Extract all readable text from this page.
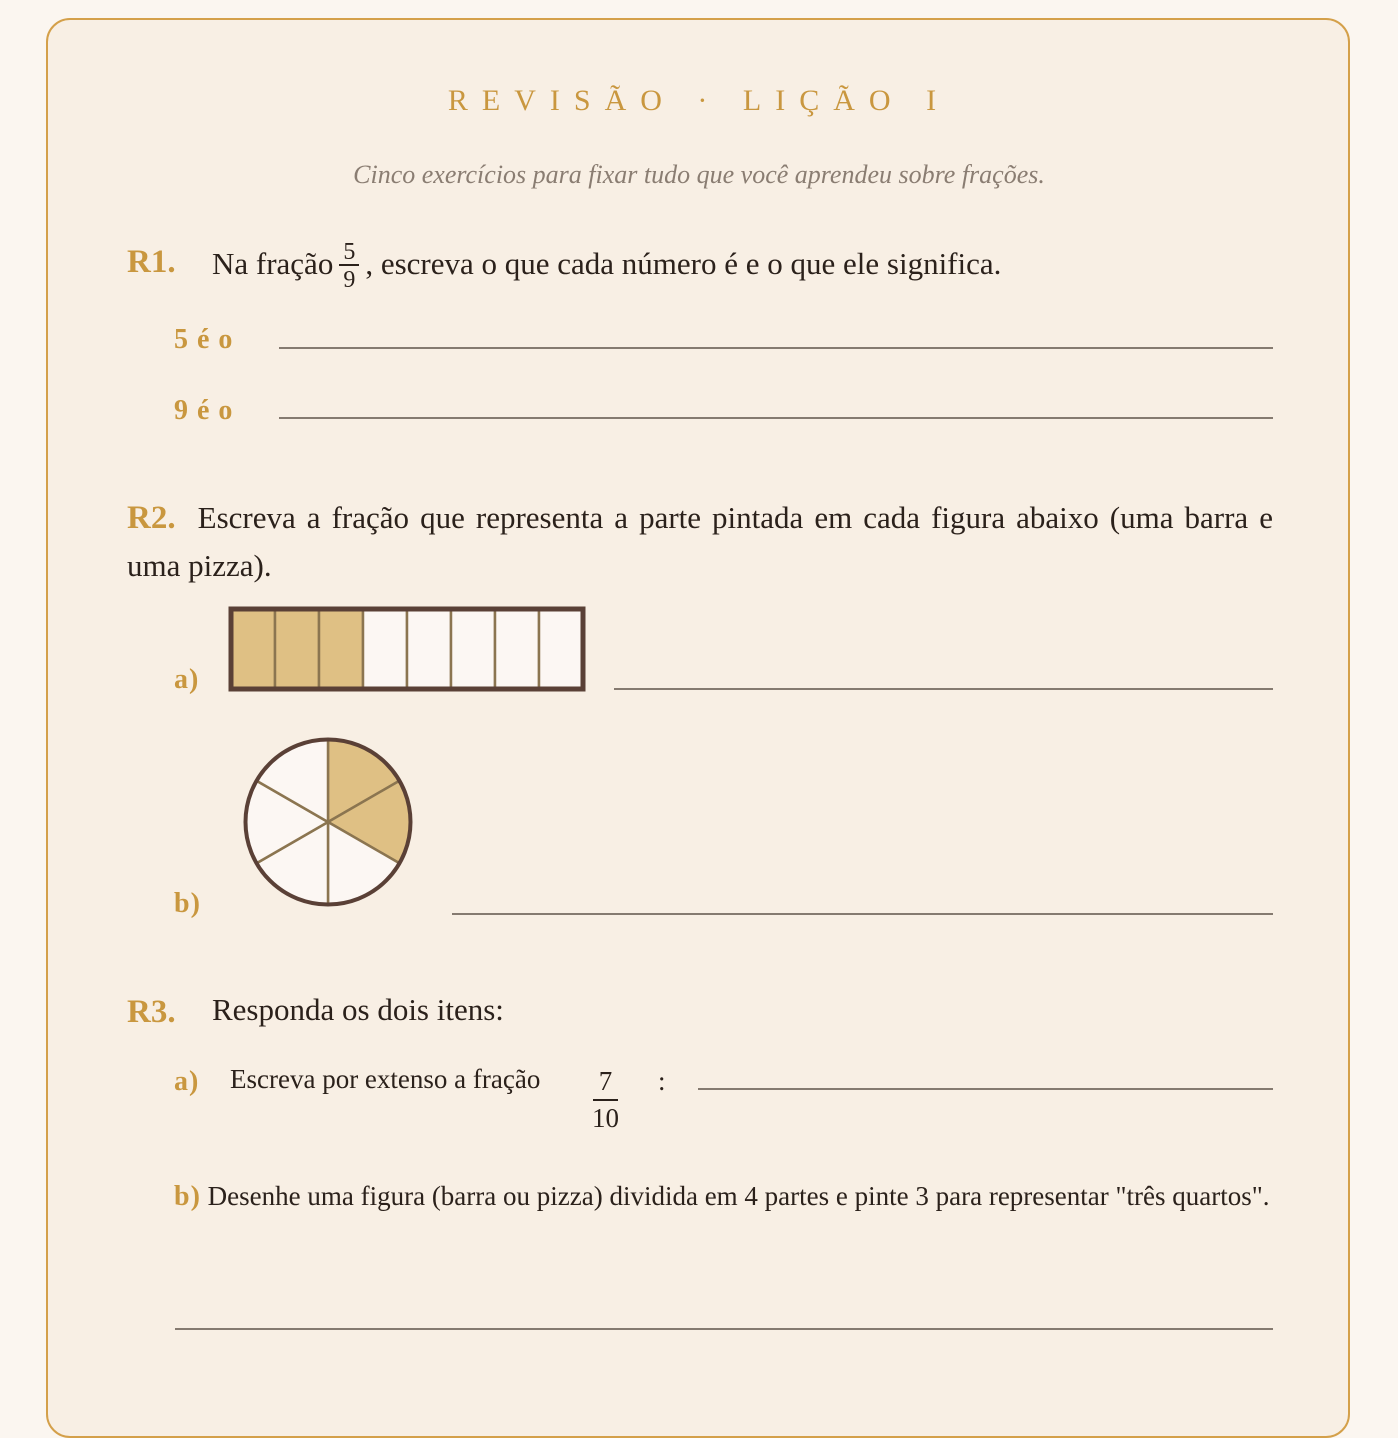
REVISÃO · LIÇÃO I
Cinco exercícios para fixar tudo que você aprendeu sobre frações.
R1. Na fração $\frac{5}{9}$ , escreva o que cada número é e o que ele significa.
5 é o
9 é o
R2. Escreva a fração que representa a parte pintada em cada figura abaixo (uma barra e uma pizza).
a)
b)
R3. Responda os dois itens:
a) Escreva por extenso a fração $\frac{7}{10}$ :
b) Desenhe uma figura (barra ou pizza) dividida em 4 partes e pinte 3 para representar "três quartos".
